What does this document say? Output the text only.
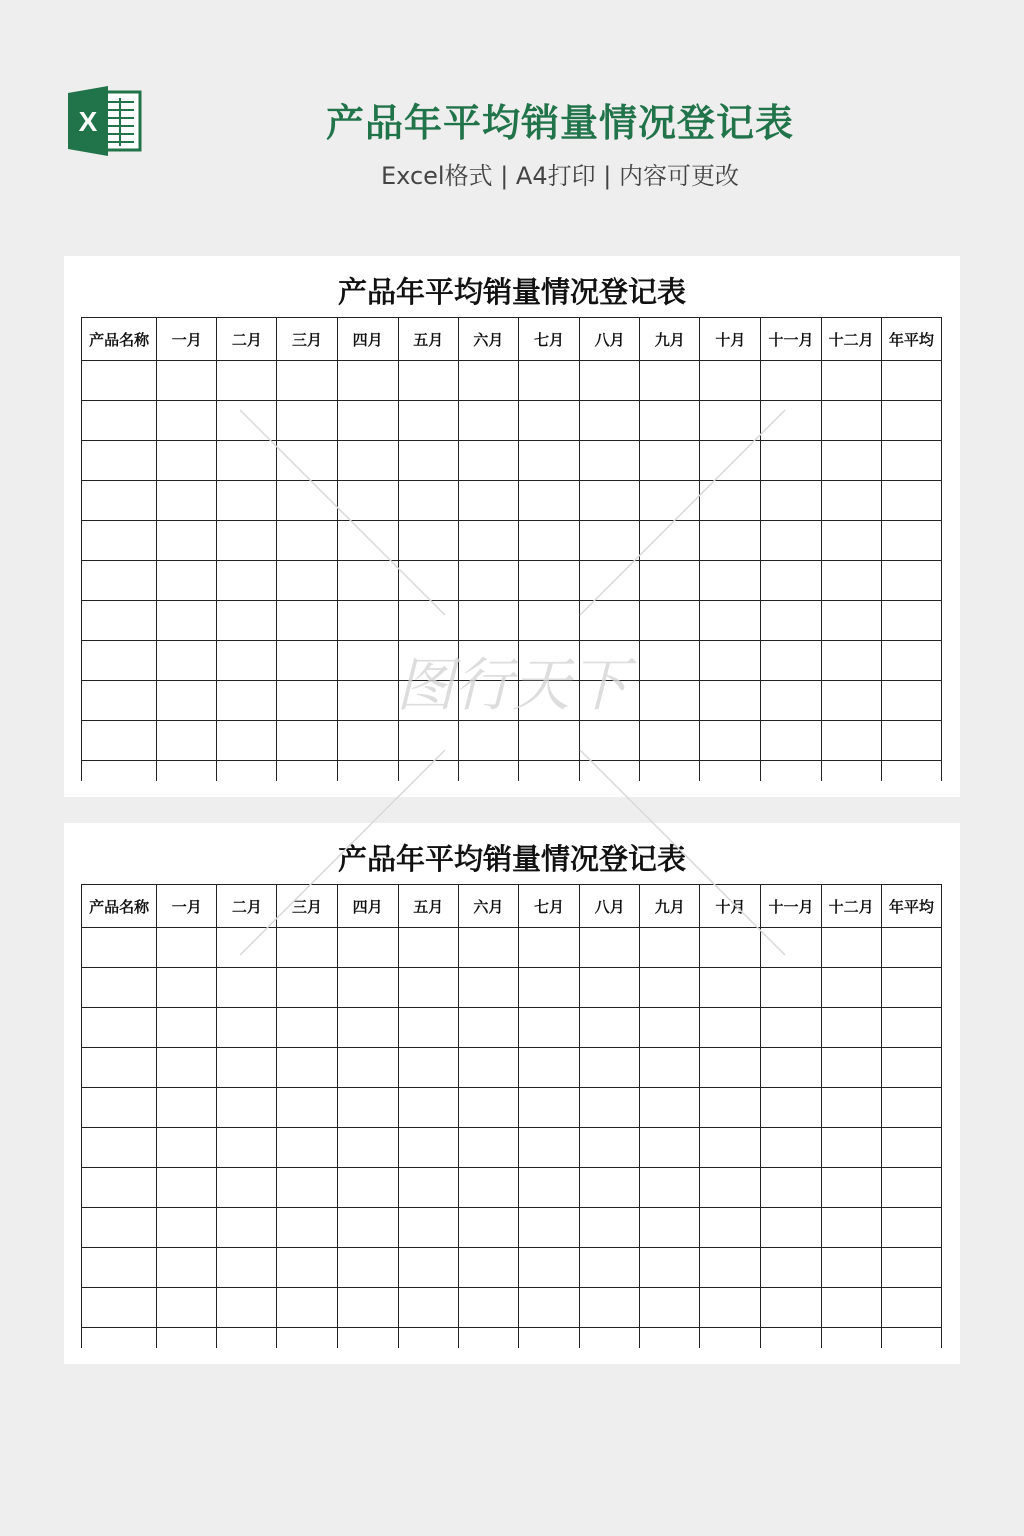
X	产品年平均销量情况登记表
Excel格式 | A4打印 | 内容可更改
产品年平均销量情况登记表
产品名称	一月	二月	三月	四月	五月	六月	七月	八月	九月	十月	十一月	十二月	年平均

产品年平均销量情况登记表
产品名称	一月	二月	三月	四月	五月	六月	七月	八月	九月	十月	十一月	十二月	年平均

图行天下
